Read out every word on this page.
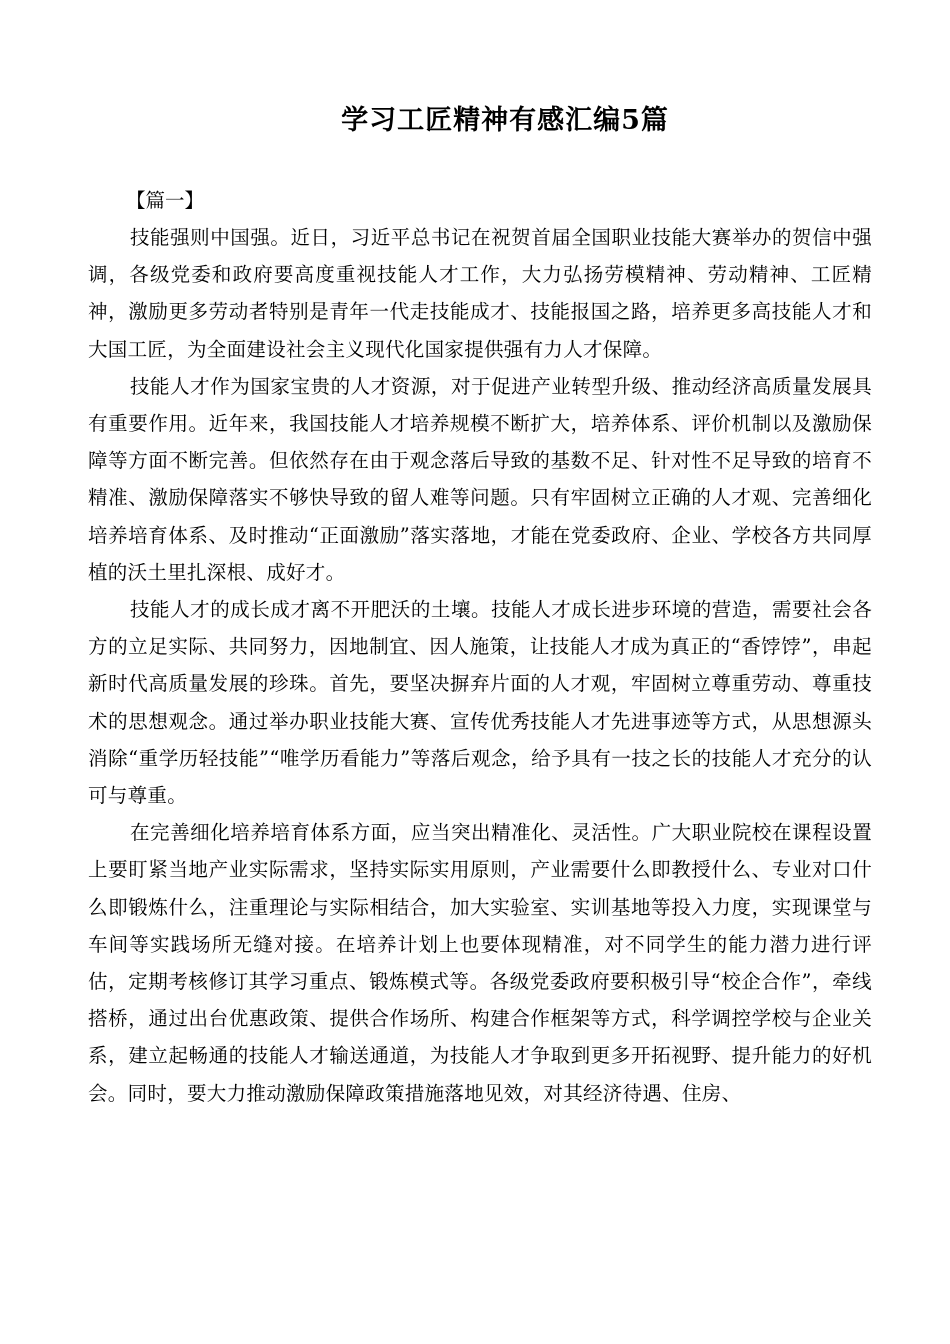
学习工匠精神有感汇编5篇

【篇一】

技能强则中国强。近日，习近平总书记在祝贺首届全国职业技能大赛举办的贺信中强调，各级党委和政府要高度重视技能人才工作，大力弘扬劳模精神、劳动精神、工匠精神，激励更多劳动者特别是青年一代走技能成才、技能报国之路，培养更多高技能人才和大国工匠，为全面建设社会主义现代化国家提供强有力人才保障。

技能人才作为国家宝贵的人才资源，对于促进产业转型升级、推动经济高质量发展具有重要作用。近年来，我国技能人才培养规模不断扩大，培养体系、评价机制以及激励保障等方面不断完善。但依然存在由于观念落后导致的基数不足、针对性不足导致的培育不精准、激励保障落实不够快导致的留人难等问题。只有牢固树立正确的人才观、完善细化培养培育体系、及时推动“正面激励”落实落地，才能在党委政府、企业、学校各方共同厚植的沃土里扎深根、成好才。

技能人才的成长成才离不开肥沃的土壤。技能人才成长进步环境的营造，需要社会各方的立足实际、共同努力，因地制宜、因人施策，让技能人才成为真正的“香饽饽”，串起新时代高质量发展的珍珠。首先，要坚决摒弃片面的人才观，牢固树立尊重劳动、尊重技术的思想观念。通过举办职业技能大赛、宣传优秀技能人才先进事迹等方式，从思想源头消除“重学历轻技能”“唯学历看能力”等落后观念，给予具有一技之长的技能人才充分的认可与尊重。

在完善细化培养培育体系方面，应当突出精准化、灵活性。广大职业院校在课程设置上要盯紧当地产业实际需求，坚持实际实用原则，产业需要什么即教授什么、专业对口什么即锻炼什么，注重理论与实际相结合，加大实验室、实训基地等投入力度，实现课堂与车间等实践场所无缝对接。在培养计划上也要体现精准，对不同学生的能力潜力进行评估，定期考核修订其学习重点、锻炼模式等。各级党委政府要积极引导“校企合作”，牵线搭桥，通过出台优惠政策、提供合作场所、构建合作框架等方式，科学调控学校与企业关系，建立起畅通的技能人才输送通道，为技能人才争取到更多开拓视野、提升能力的好机会。同时，要大力推动激励保障政策措施落地见效，对其经济待遇、住房、
